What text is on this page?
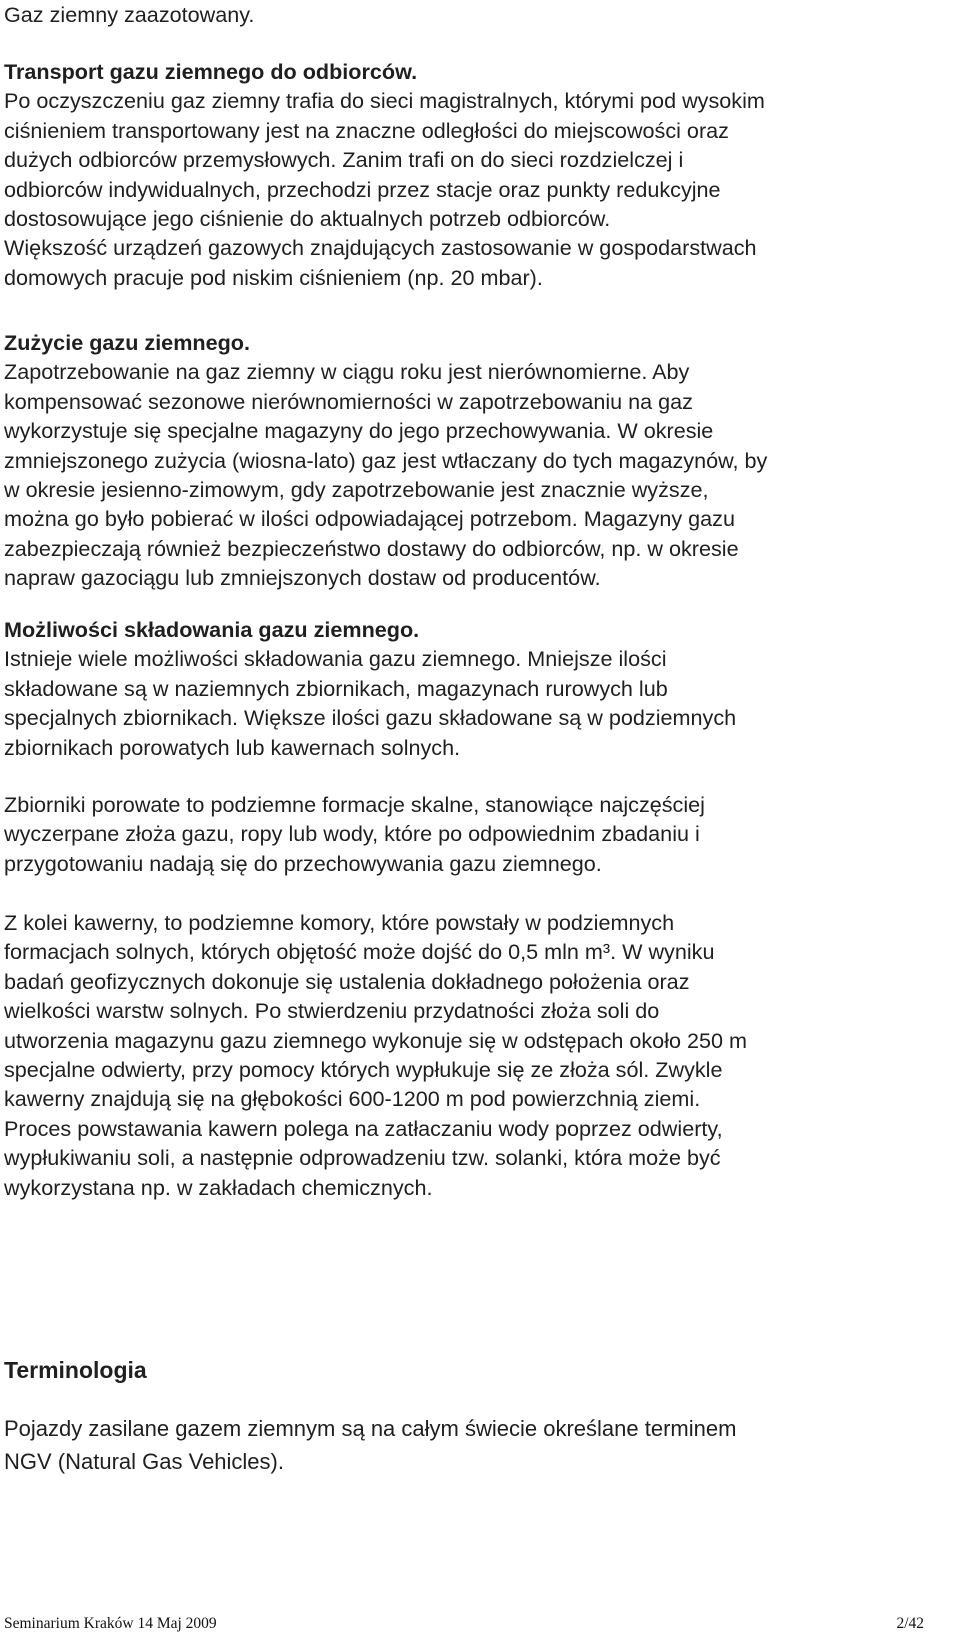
Gaz ziemny zaazotowany.
Transport gazu ziemnego do odbiorców.
Po oczyszczeniu gaz ziemny trafia do sieci magistralnych, którymi pod wysokim
ciśnieniem transportowany jest na znaczne odległości do miejscowości oraz
dużych odbiorców przemysłowych. Zanim trafi on do sieci rozdzielczej i
odbiorców indywidualnych, przechodzi przez stacje oraz punkty redukcyjne
dostosowujące jego ciśnienie do aktualnych potrzeb odbiorców.
Większość urządzeń gazowych znajdujących zastosowanie w gospodarstwach
domowych pracuje pod niskim ciśnieniem (np. 20 mbar).
Zużycie gazu ziemnego.
Zapotrzebowanie na gaz ziemny w ciągu roku jest nierównomierne. Aby
kompensować sezonowe nierównomierności w zapotrzebowaniu na gaz
wykorzystuje się specjalne magazyny do jego przechowywania. W okresie
zmniejszonego zużycia (wiosna-lato) gaz jest wtłaczany do tych magazynów, by
w okresie jesienno-zimowym, gdy zapotrzebowanie jest znacznie wyższe,
można go było pobierać w ilości odpowiadającej potrzebom. Magazyny gazu
zabezpieczają również bezpieczeństwo dostawy do odbiorców, np. w okresie
napraw gazociągu lub zmniejszonych dostaw od producentów.
Możliwości składowania gazu ziemnego.
Istnieje wiele możliwości składowania gazu ziemnego. Mniejsze ilości
składowane są w naziemnych zbiornikach, magazynach rurowych lub
specjalnych zbiornikach. Większe ilości gazu składowane są w podziemnych
zbiornikach porowatych lub kawernach solnych.
Zbiorniki porowate to podziemne formacje skalne, stanowiące najczęściej
wyczerpane złoża gazu, ropy lub wody, które po odpowiednim zbadaniu i
przygotowaniu nadają się do przechowywania gazu ziemnego.
Z kolei kawerny, to podziemne komory, które powstały w podziemnych
formacjach solnych, których objętość może dojść do 0,5 mln m³. W wyniku
badań geofizycznych dokonuje się ustalenia dokładnego położenia oraz
wielkości warstw solnych. Po stwierdzeniu przydatności złoża soli do
utworzenia magazynu gazu ziemnego wykonuje się w odstępach około 250 m
specjalne odwierty, przy pomocy których wypłukuje się ze złoża sól. Zwykle
kawerny znajdują się na głębokości 600-1200 m pod powierzchnią ziemi.
Proces powstawania kawern polega na zatłaczaniu wody poprzez odwierty,
wypłukiwaniu soli, a następnie odprowadzeniu tzw. solanki, która może być
wykorzystana np. w zakładach chemicznych.
Terminologia
Pojazdy zasilane gazem ziemnym są na całym świecie określane terminem
NGV (Natural Gas Vehicles).
Seminarium Kraków 14 Maj 2009	2/42
